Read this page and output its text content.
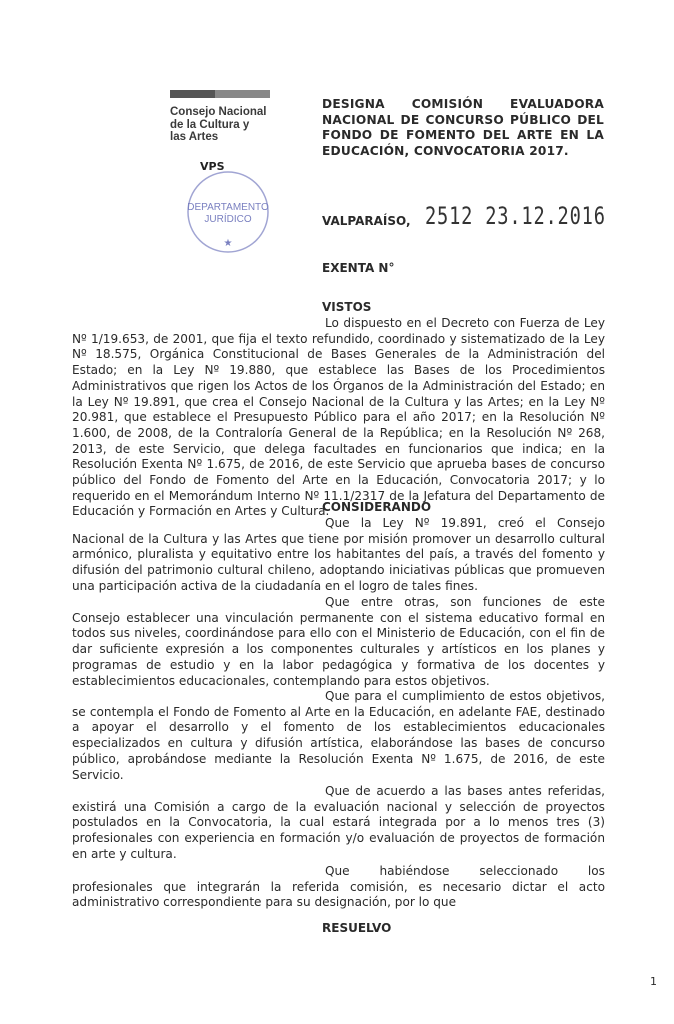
Consejo Nacional
de la Cultura y
las Artes
VPS
DEPARTAMENTO
JURÍDICO
★
DESIGNA COMISIÓN EVALUADORA
NACIONAL DE CONCURSO PÚBLICO DEL
FONDO DE FOMENTO DEL ARTE EN LA
EDUCACIÓN, CONVOCATORIA 2017.
VALPARAÍSO, 2512 23.12.2016
EXENTA N°
VISTOS
Lo dispuesto en el Decreto con Fuerza de Ley Nº 1/19.653, de 2001, que fija el texto refundido, coordinado y sistematizado de la Ley Nº 18.575, Orgánica Constitucional de Bases Generales de la Administración del Estado; en la Ley Nº 19.880, que establece las Bases de los Procedimientos Administrativos que rigen los Actos de los Órganos de la Administración del Estado; en la Ley Nº 19.891, que crea el Consejo Nacional de la Cultura y las Artes; en la Ley Nº 20.981, que establece el Presupuesto Público para el año 2017; en la Resolución Nº 1.600, de 2008, de la Contraloría General de la República; en la Resolución Nº 268, 2013, de este Servicio, que delega facultades en funcionarios que indica; en la Resolución Exenta Nº 1.675, de 2016, de este Servicio que aprueba bases de concurso público del Fondo de Fomento del Arte en la Educación, Convocatoria 2017; y lo requerido en el Memorándum Interno Nº 11.1/2317 de la Jefatura del Departamento de Educación y Formación en Artes y Cultura.
CONSIDERANDO
Que la Ley Nº 19.891, creó el Consejo Nacional de la Cultura y las Artes que tiene por misión promover un desarrollo cultural armónico, pluralista y equitativo entre los habitantes del país, a través del fomento y difusión del patrimonio cultural chileno, adoptando iniciativas públicas que promueven una participación activa de la ciudadanía en el logro de tales fines.
Que entre otras, son funciones de este Consejo establecer una vinculación permanente con el sistema educativo formal en todos sus niveles, coordinándose para ello con el Ministerio de Educación, con el fin de dar suficiente expresión a los componentes culturales y artísticos en los planes y programas de estudio y en la labor pedagógica y formativa de los docentes y establecimientos educacionales, contemplando para estos objetivos.
Que para el cumplimiento de estos objetivos, se contempla el Fondo de Fomento al Arte en la Educación, en adelante FAE, destinado a apoyar el desarrollo y el fomento de los establecimientos educacionales especializados en cultura y difusión artística, elaborándose las bases de concurso público, aprobándose mediante la Resolución Exenta Nº 1.675, de 2016, de este Servicio.
Que de acuerdo a las bases antes referidas, existirá una Comisión a cargo de la evaluación nacional y selección de proyectos postulados en la Convocatoria, la cual estará integrada por a lo menos tres (3) profesionales con experiencia en formación y/o evaluación de proyectos de formación en arte y cultura.
Que habiéndose seleccionado los profesionales que integrarán la referida comisión, es necesario dictar el acto administrativo correspondiente para su designación, por lo que
RESUELVO
1
